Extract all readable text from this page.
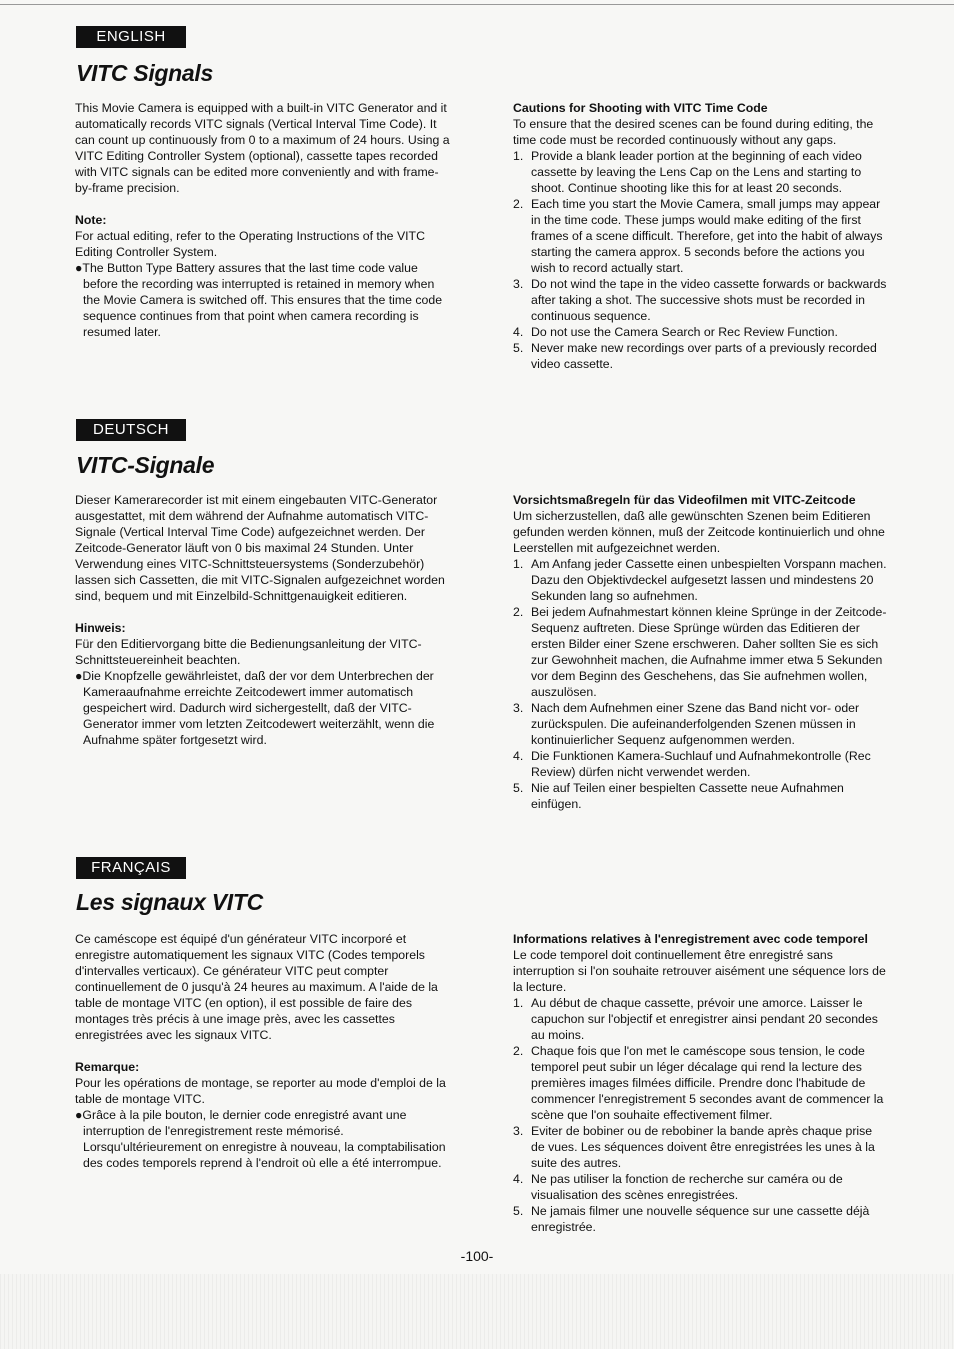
ENGLISH
VITC Signals

This Movie Camera is equipped with a built-in VITC Generator and it automatically records VITC signals (Vertical Interval Time Code). It can count up continuously from 0 to a maximum of 24 hours. Using a VITC Editing Controller System (optional), cassette tapes recorded with VITC signals can be edited more conveniently and with frame-by-frame precision.

Note:

For actual editing, refer to the Operating Instructions of the VITC Editing Controller System.

●The Button Type Battery assures that the last time code value before the recording was interrupted is retained in memory when the Movie Camera is switched off. This ensures that the time code sequence continues from that point when camera recording is resumed later.

Cautions for Shooting with VITC Time Code

To ensure that the desired scenes can be found during editing, the time code must be recorded continuously without any gaps.

1. Provide a blank leader portion at the beginning of each video cassette by leaving the Lens Cap on the Lens and starting to shoot. Continue shooting like this for at least 20 seconds.
2. Each time you start the Movie Camera, small jumps may appear in the time code. These jumps would make editing of the first frames of a scene difficult. Therefore, get into the habit of always starting the camera approx. 5 seconds before the actions you wish to record actually start.
3. Do not wind the tape in the video cassette forwards or backwards after taking a shot. The successive shots must be recorded in continuous sequence.
4. Do not use the Camera Search or Rec Review Function.
5. Never make new recordings over parts of a previously recorded video cassette.
DEUTSCH
VITC-Signale

Dieser Kamerarecorder ist mit einem eingebauten VITC-Generator ausgestattet, mit dem während der Aufnahme automatisch VITC-Signale (Vertical Interval Time Code) aufgezeichnet werden. Der Zeitcode-Generator läuft von 0 bis maximal 24 Stunden. Unter Verwendung eines VITC-Schnittsteuersystems (Sonderzubehör) lassen sich Cassetten, die mit VITC-Signalen aufgezeichnet worden sind, bequem und mit Einzelbild-Schnittgenauigkeit editieren.

Hinweis:

Für den Editiervorgang bitte die Bedienungsanleitung der VITC-Schnittsteuereinheit beachten.

●Die Knopfzelle gewährleistet, daß der vor dem Unterbrechen der Kameraaufnahme erreichte Zeitcodewert immer automatisch gespeichert wird. Dadurch wird sichergestellt, daß der VITC-Generator immer vom letzten Zeitcodewert weiterzählt, wenn die Aufnahme später fortgesetzt wird.

Vorsichtsmaßregeln für das Videofilmen mit VITC-Zeitcode

Um sicherzustellen, daß alle gewünschten Szenen beim Editieren gefunden werden können, muß der Zeitcode kontinuierlich und ohne Leerstellen mit aufgezeichnet werden.

1. Am Anfang jeder Cassette einen unbespielten Vorspann machen. Dazu den Objektivdeckel aufgesetzt lassen und mindestens 20 Sekunden lang so aufnehmen.
2. Bei jedem Aufnahmestart können kleine Sprünge in der Zeitcode-Sequenz auftreten. Diese Sprünge würden das Editieren der ersten Bilder einer Szene erschweren. Daher sollten Sie es sich zur Gewohnheit machen, die Aufnahme immer etwa 5 Sekunden vor dem Beginn des Geschehens, das Sie aufnehmen wollen, auszulösen.
3. Nach dem Aufnehmen einer Szene das Band nicht vor- oder zurückspulen. Die aufeinanderfolgenden Szenen müssen in kontinuierlicher Sequenz aufgenommen werden.
4. Die Funktionen Kamera-Suchlauf und Aufnahmekontrolle (Rec Review) dürfen nicht verwendet werden.
5. Nie auf Teilen einer bespielten Cassette neue Aufnahmen einfügen.
FRANÇAIS
Les signaux VITC

Ce caméscope est équipé d'un générateur VITC incorporé et enregistre automatiquement les signaux VITC (Codes temporels d'intervalles verticaux). Ce générateur VITC peut compter continuellement de 0 jusqu'à 24 heures au maximum. A l'aide de la table de montage VITC (en option), il est possible de faire des montages très précis à une image près, avec les cassettes enregistrées avec les signaux VITC.

Remarque:

Pour les opérations de montage, se reporter au mode d'emploi de la table de montage VITC.

●Grâce à la pile bouton, le dernier code enregistré avant une interruption de l'enregistrement reste mémorisé. Lorsqu'ultérieurement on enregistre à nouveau, la comptabilisation des codes temporels reprend à l'endroit où elle a été interrompue.

Informations relatives à l'enregistrement avec code temporel

Le code temporel doit continuellement être enregistré sans interruption si l'on souhaite retrouver aisément une séquence lors de la lecture.

1. Au début de chaque cassette, prévoir une amorce. Laisser le capuchon sur l'objectif et enregistrer ainsi pendant 20 secondes au moins.
2. Chaque fois que l'on met le caméscope sous tension, le code temporel peut subir un léger décalage qui rend la lecture des premières images filmées difficile. Prendre donc l'habitude de commencer l'enregistrement 5 secondes avant de commencer la scène que l'on souhaite effectivement filmer.
3. Eviter de bobiner ou de rebobiner la bande après chaque prise de vues. Les séquences doivent être enregistrées les unes à la suite des autres.
4. Ne pas utiliser la fonction de recherche sur caméra ou de visualisation des scènes enregistrées.
5. Ne jamais filmer une nouvelle séquence sur une cassette déjà enregistrée.
-100-
